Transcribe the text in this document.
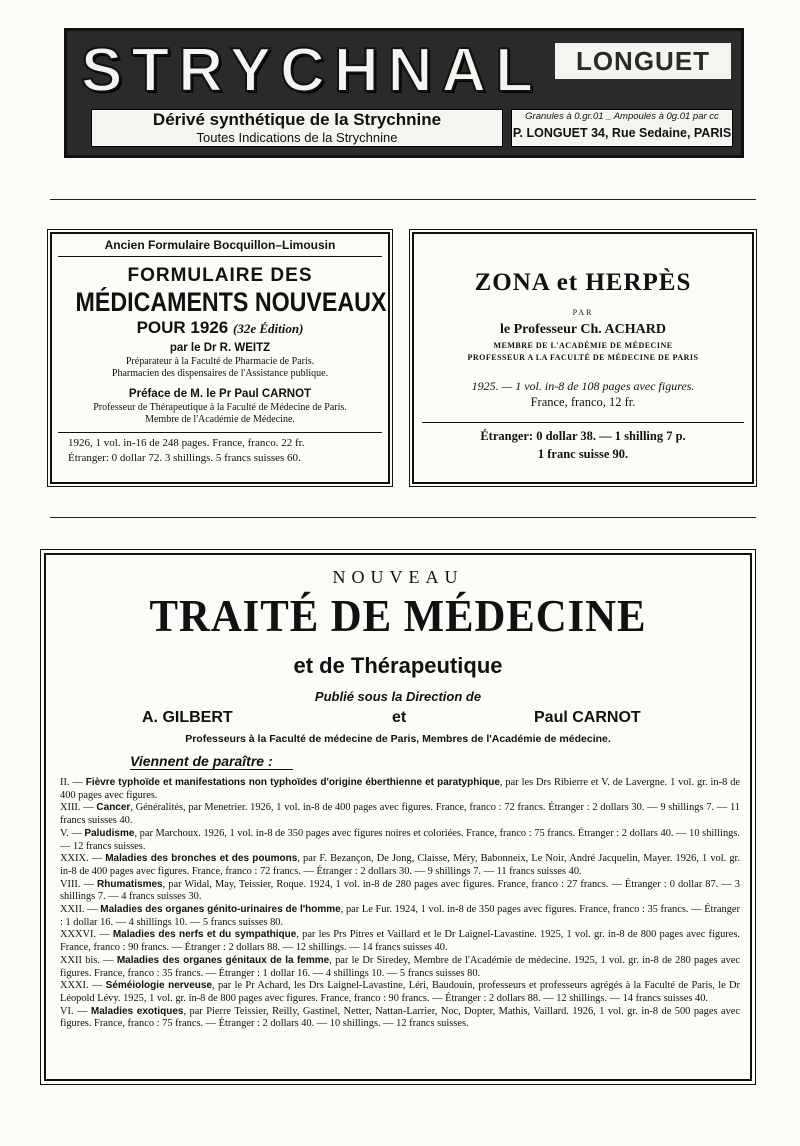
STRYCHNAL	LONGUET
Dérivé synthétique de la Strychnine
Toutes Indications de la Strychnine
Granules à 0.gr.01 _ Ampoules à 0g.01 par cc
P. LONGUET 34, Rue Sedaine, PARIS
Ancien Formulaire Bocquillon–Limousin
FORMULAIRE DES
MÉDICAMENTS NOUVEAUX
POUR 1926 (32e Édition)
par le Dr R. WEITZ
Préparateur à la Faculté de Pharmacie de Paris.
Pharmacien des dispensaires de l'Assistance publique.
Préface de M. le Pr Paul CARNOT
Professeur de Thérapeutique à la Faculté de Médecine de Paris.
Membre de l'Académie de Médecine.
1926, 1 vol. in-16 de 248 pages. France, franco. 22 fr.
Étranger: 0 dollar 72. 3 shillings. 5 francs suisses 60.
ZONA et HERPÈS
PAR
le Professeur Ch. ACHARD
MEMBRE DE L'ACADÉMIE DE MÉDECINE
PROFESSEUR A LA FACULTÉ DE MÉDECINE DE PARIS
1925. — 1 vol. in-8 de 108 pages avec figures.
France, franco, 12 fr.
Étranger: 0 dollar 38. — 1 shilling 7 p.
1 franc suisse 90.
NOUVEAU
TRAITÉ DE MÉDECINE
et de Thérapeutique
Publié sous la Direction de
A. GILBERT	et	Paul CARNOT
Professeurs à la Faculté de médecine de Paris, Membres de l'Académie de médecine.
Viennent de paraître :

II. — Fièvre typhoïde et manifestations non typhoïdes d'origine éberthienne et paratyphique, par les Drs Ribierre et V. de Lavergne. 1 vol. gr. in-8 de 400 pages avec figures.

XIII. — Cancer, Généralités, par Menetrier. 1926, 1 vol. in-8 de 400 pages avec figures. France, franco : 72 francs. Étranger : 2 dollars 30. — 9 shillings 7. — 11 francs suisses 40.

V. — Paludisme, par Marchoux. 1926, 1 vol. in-8 de 350 pages avec figures noires et coloriées. France, franco : 75 francs. Étranger : 2 dollars 40. — 10 shillings. — 12 francs suisses.

XXIX. — Maladies des bronches et des poumons, par F. Bezançon, De Jong, Claisse, Méry, Babonneix, Le Noir, André Jacquelin, Mayer. 1926, 1 vol. gr. in-8 de 400 pages avec figures. France, franco : 72 francs. — Étranger : 2 dollars 30. — 9 shillings 7. — 11 francs suisses 40.

VIII. — Rhumatismes, par Widal, May, Teissier, Roque. 1924, 1 vol. in-8 de 280 pages avec figures. France, franco : 27 francs. — Étranger : 0 dollar 87. — 3 shillings 7. — 4 francs suisses 30.

XXII. — Maladies des organes génito-urinaires de l'homme, par Le Fur. 1924, 1 vol. in-8 de 350 pages avec figures. France, franco : 35 francs. — Étranger : 1 dollar 16. — 4 shillings 10. — 5 francs suisses 80.

XXXVI. — Maladies des nerfs et du sympathique, par les Prs Pitres et Vaillard et le Dr Laignel-Lavastine. 1925, 1 vol. gr. in-8 de 800 pages avec figures. France, franco : 90 francs. — Étranger : 2 dollars 88. — 12 shillings. — 14 francs suisses 40.

XXII bis. — Maladies des organes génitaux de la femme, par le Dr Siredey, Membre de l'Académie de médecine. 1925, 1 vol. gr. in-8 de 280 pages avec figures. France, franco : 35 francs. — Étranger : 1 dollar 16. — 4 shillings 10. — 5 francs suisses 80.

XXXI. — Séméiologie nerveuse, par le Pr Achard, les Drs Laignel-Lavastine, Léri, Baudouin, professeurs et professeurs agrégés à la Faculté de Paris, le Dr Léopold Lévy. 1925, 1 vol. gr. in-8 de 800 pages avec figures. France, franco : 90 francs. — Étranger : 2 dollars 88. — 12 shillings. — 14 francs suisses 40.

VI. — Maladies exotiques, par Pierre Teissier, Reilly, Gastinel, Netter, Nattan-Larrier, Noc, Dopter, Mathis, Vaillard. 1926, 1 vol. gr. in-8 de 500 pages avec figures. France, franco : 75 francs. — Étranger : 2 dollars 40. — 10 shillings. — 12 francs suisses.
